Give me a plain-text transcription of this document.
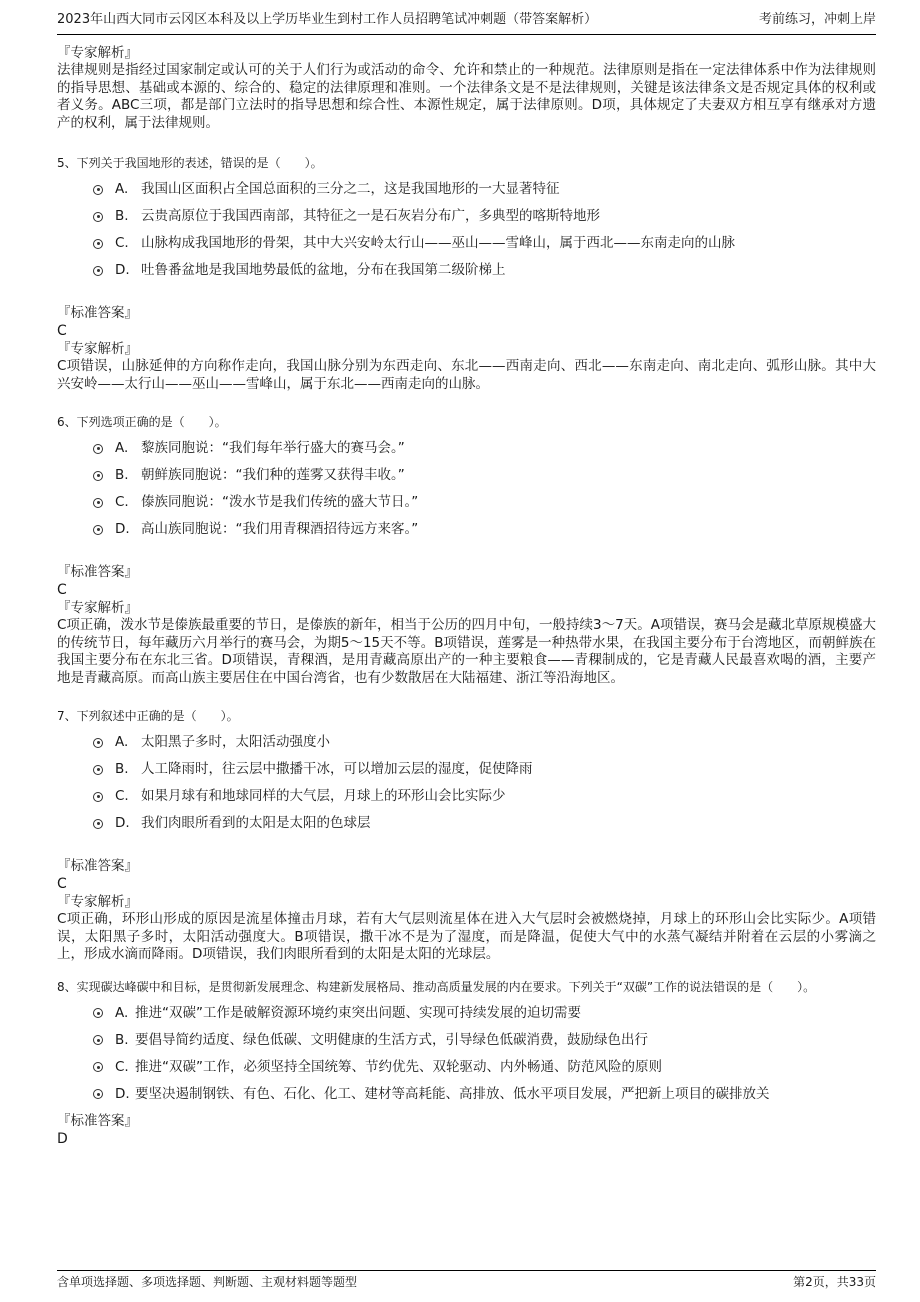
2023年山西大同市云冈区本科及以上学历毕业生到村工作人员招聘笔试冲刺题（带答案解析）	考前练习，冲刺上岸
『专家解析』
法律规则是指经过国家制定或认可的关于人们行为或活动的命令、允许和禁止的一种规范。法律原则是指在一定法律体系中作为法律规则的指导思想、基础或本源的、综合的、稳定的法律原理和准则。一个法律条文是不是法律规则，关键是该法律条文是否规定具体的权利或者义务。ABC三项，都是部门立法时的指导思想和综合性、本源性规定，属于法律原则。D项，具体规定了夫妻双方相互享有继承对方遗产的权利，属于法律规则。
5、下列关于我国地形的表述，错误的是（　　）。
A. 我国山区面积占全国总面积的三分之二，这是我国地形的一大显著特征
B. 云贵高原位于我国西南部，其特征之一是石灰岩分布广，多典型的喀斯特地形
C. 山脉构成我国地形的骨架，其中大兴安岭太行山——巫山——雪峰山，属于西北——东南走向的山脉
D. 吐鲁番盆地是我国地势最低的盆地，分布在我国第二级阶梯上
『标准答案』
C
『专家解析』
C项错误，山脉延伸的方向称作走向，我国山脉分别为东西走向、东北——西南走向、西北——东南走向、南北走向、弧形山脉。其中大兴安岭——太行山——巫山——雪峰山，属于东北——西南走向的山脉。
6、下列选项正确的是（　　）。
A. 黎族同胞说：“我们每年举行盛大的赛马会。”
B. 朝鲜族同胞说：“我们种的莲雾又获得丰收。”
C. 傣族同胞说：“泼水节是我们传统的盛大节日。”
D. 高山族同胞说：“我们用青稞酒招待远方来客。”
『标准答案』
C
『专家解析』
C项正确，泼水节是傣族最重要的节日，是傣族的新年，相当于公历的四月中旬，一般持续3～7天。A项错误，赛马会是藏北草原规模盛大的传统节日，每年藏历六月举行的赛马会，为期5～15天不等。B项错误，莲雾是一种热带水果，在我国主要分布于台湾地区，而朝鲜族在我国主要分布在东北三省。D项错误，青稞酒，是用青藏高原出产的一种主要粮食——青稞制成的，它是青藏人民最喜欢喝的酒，主要产地是青藏高原。而高山族主要居住在中国台湾省，也有少数散居在大陆福建、浙江等沿海地区。
7、下列叙述中正确的是（　　）。
A. 太阳黑子多时，太阳活动强度小
B. 人工降雨时，往云层中撒播干冰，可以增加云层的湿度，促使降雨
C. 如果月球有和地球同样的大气层，月球上的环形山会比实际少
D. 我们肉眼所看到的太阳是太阳的色球层
『标准答案』
C
『专家解析』
C项正确，环形山形成的原因是流星体撞击月球，若有大气层则流星体在进入大气层时会被燃烧掉，月球上的环形山会比实际少。A项错误，太阳黑子多时，太阳活动强度大。B项错误，撒干冰不是为了湿度，而是降温，促使大气中的水蒸气凝结并附着在云层的小雾滴之上，形成水滴而降雨。D项错误，我们肉眼所看到的太阳是太阳的光球层。
8、实现碳达峰碳中和目标，是贯彻新发展理念、构建新发展格局、推动高质量发展的内在要求。下列关于“双碳”工作的说法错误的是（　　）。
A. 推进“双碳”工作是破解资源环境约束突出问题、实现可持续发展的迫切需要
B. 要倡导简约适度、绿色低碳、文明健康的生活方式，引导绿色低碳消费，鼓励绿色出行
C. 推进“双碳”工作，必须坚持全国统筹、节约优先、双轮驱动、内外畅通、防范风险的原则
D. 要坚决遏制钢铁、有色、石化、化工、建材等高耗能、高排放、低水平项目发展，严把新上项目的碳排放关
『标准答案』
D
含单项选择题、多项选择题、判断题、主观材料题等题型	第2页，共33页
